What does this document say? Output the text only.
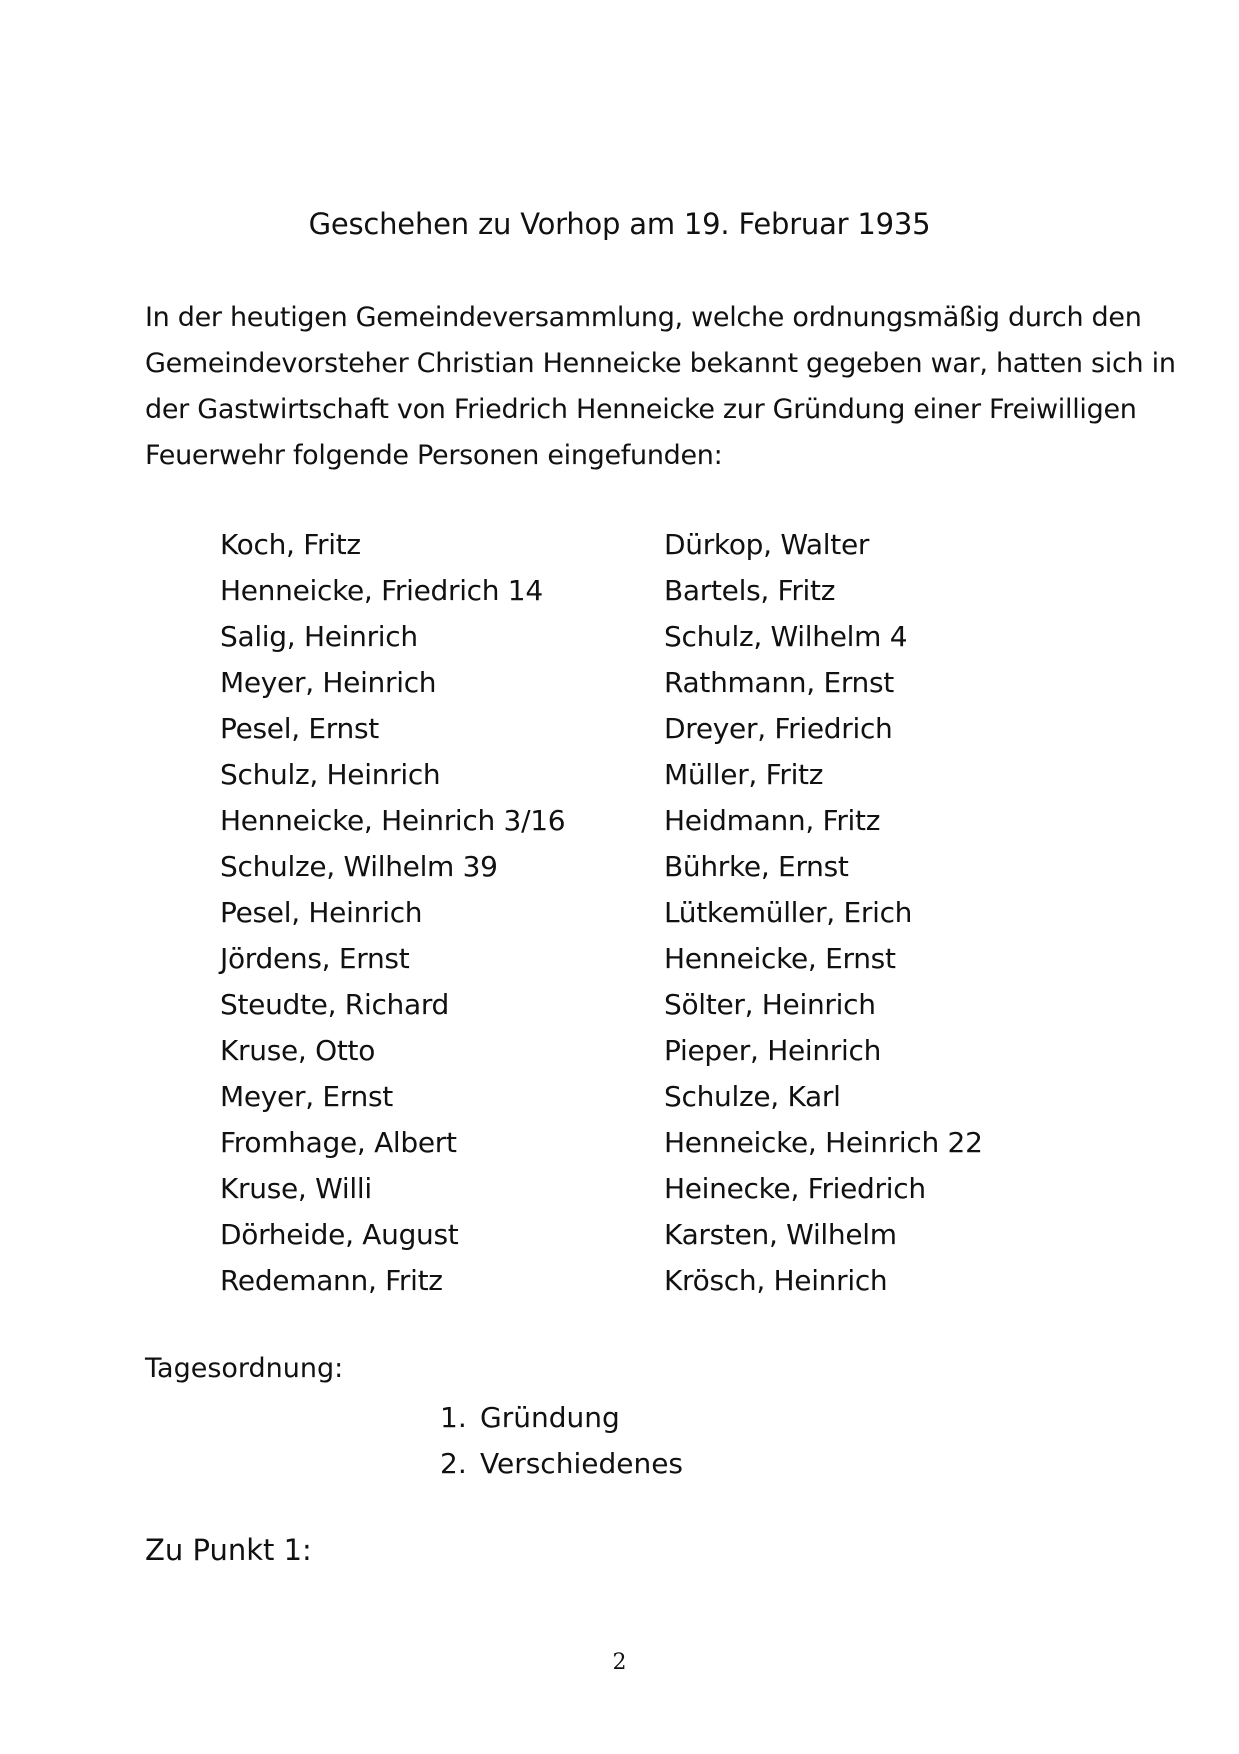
Geschehen zu Vorhop am 19. Februar 1935
In der heutigen Gemeindeversammlung, welche ordnungsmäßig durch den
Gemeindevorsteher Christian Henneicke bekannt gegeben war, hatten sich in
der Gastwirtschaft von Friedrich Henneicke zur Gründung einer Freiwilligen
Feuerwehr folgende Personen eingefunden:
Koch, Fritz
Henneicke, Friedrich 14
Salig, Heinrich
Meyer, Heinrich
Pesel, Ernst
Schulz, Heinrich
Henneicke, Heinrich 3/16
Schulze, Wilhelm 39
Pesel, Heinrich
Jördens, Ernst
Steudte, Richard
Kruse, Otto
Meyer, Ernst
Fromhage, Albert
Kruse, Willi
Dörheide, August
Redemann, Fritz
Dürkop, Walter
Bartels, Fritz
Schulz, Wilhelm 4
Rathmann, Ernst
Dreyer, Friedrich
Müller, Fritz
Heidmann, Fritz
Bührke, Ernst
Lütkemüller, Erich
Henneicke, Ernst
Sölter, Heinrich
Pieper, Heinrich
Schulze, Karl
Henneicke, Heinrich 22
Heinecke, Friedrich
Karsten, Wilhelm
Krösch, Heinrich
Tagesordnung:
1. Gründung
2. Verschiedenes
Zu Punkt 1:
2
